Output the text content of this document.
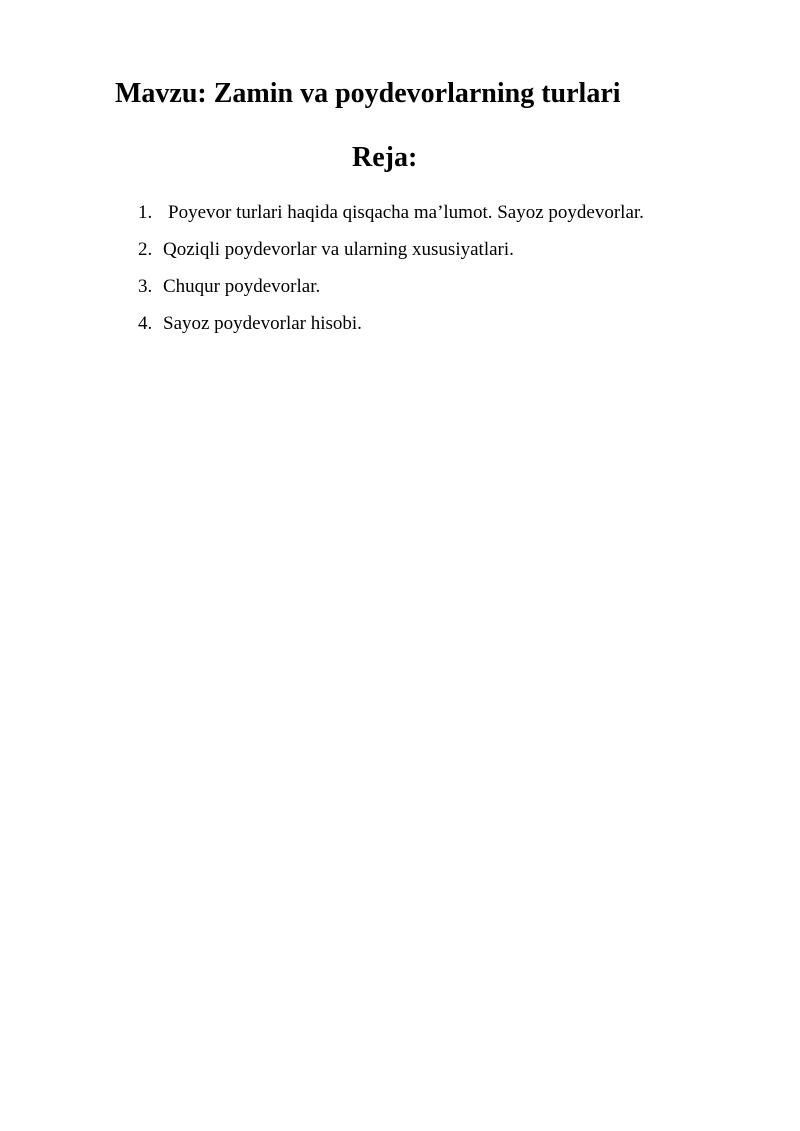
Mavzu: Zamin va poydevorlarning turlari
Reja:
1. Poyevor turlari haqida qisqacha ma’lumot. Sayoz poydevorlar.
2. Qoziqli poydevorlar va ularning xususiyatlari.
3. Chuqur poydevorlar.
4. Sayoz poydevorlar hisobi.
